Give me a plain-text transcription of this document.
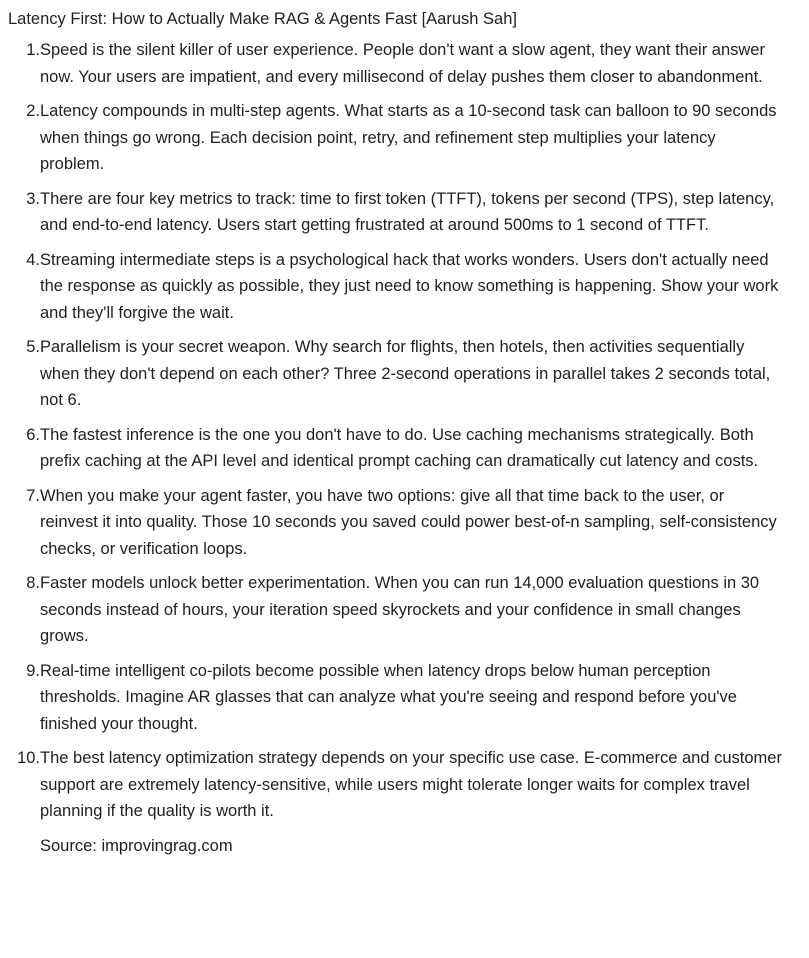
Latency First: How to Actually Make RAG & Agents Fast [Aarush Sah]
1. Speed is the silent killer of user experience. People don't want a slow agent, they want their answer now. Your users are impatient, and every millisecond of delay pushes them closer to abandonment.
2. Latency compounds in multi-step agents. What starts as a 10-second task can balloon to 90 seconds when things go wrong. Each decision point, retry, and refinement step multiplies your latency problem.
3. There are four key metrics to track: time to first token (TTFT), tokens per second (TPS), step latency, and end-to-end latency. Users start getting frustrated at around 500ms to 1 second of TTFT.
4. Streaming intermediate steps is a psychological hack that works wonders. Users don't actually need the response as quickly as possible, they just need to know something is happening. Show your work and they'll forgive the wait.
5. Parallelism is your secret weapon. Why search for flights, then hotels, then activities sequentially when they don't depend on each other? Three 2-second operations in parallel takes 2 seconds total, not 6.
6. The fastest inference is the one you don't have to do. Use caching mechanisms strategically. Both prefix caching at the API level and identical prompt caching can dramatically cut latency and costs.
7. When you make your agent faster, you have two options: give all that time back to the user, or reinvest it into quality. Those 10 seconds you saved could power best-of-n sampling, self-consistency checks, or verification loops.
8. Faster models unlock better experimentation. When you can run 14,000 evaluation questions in 30 seconds instead of hours, your iteration speed skyrockets and your confidence in small changes grows.
9. Real-time intelligent co-pilots become possible when latency drops below human perception thresholds. Imagine AR glasses that can analyze what you're seeing and respond before you've finished your thought.
10. The best latency optimization strategy depends on your specific use case. E-commerce and customer support are extremely latency-sensitive, while users might tolerate longer waits for complex travel planning if the quality is worth it.
Source: improvingrag.com
